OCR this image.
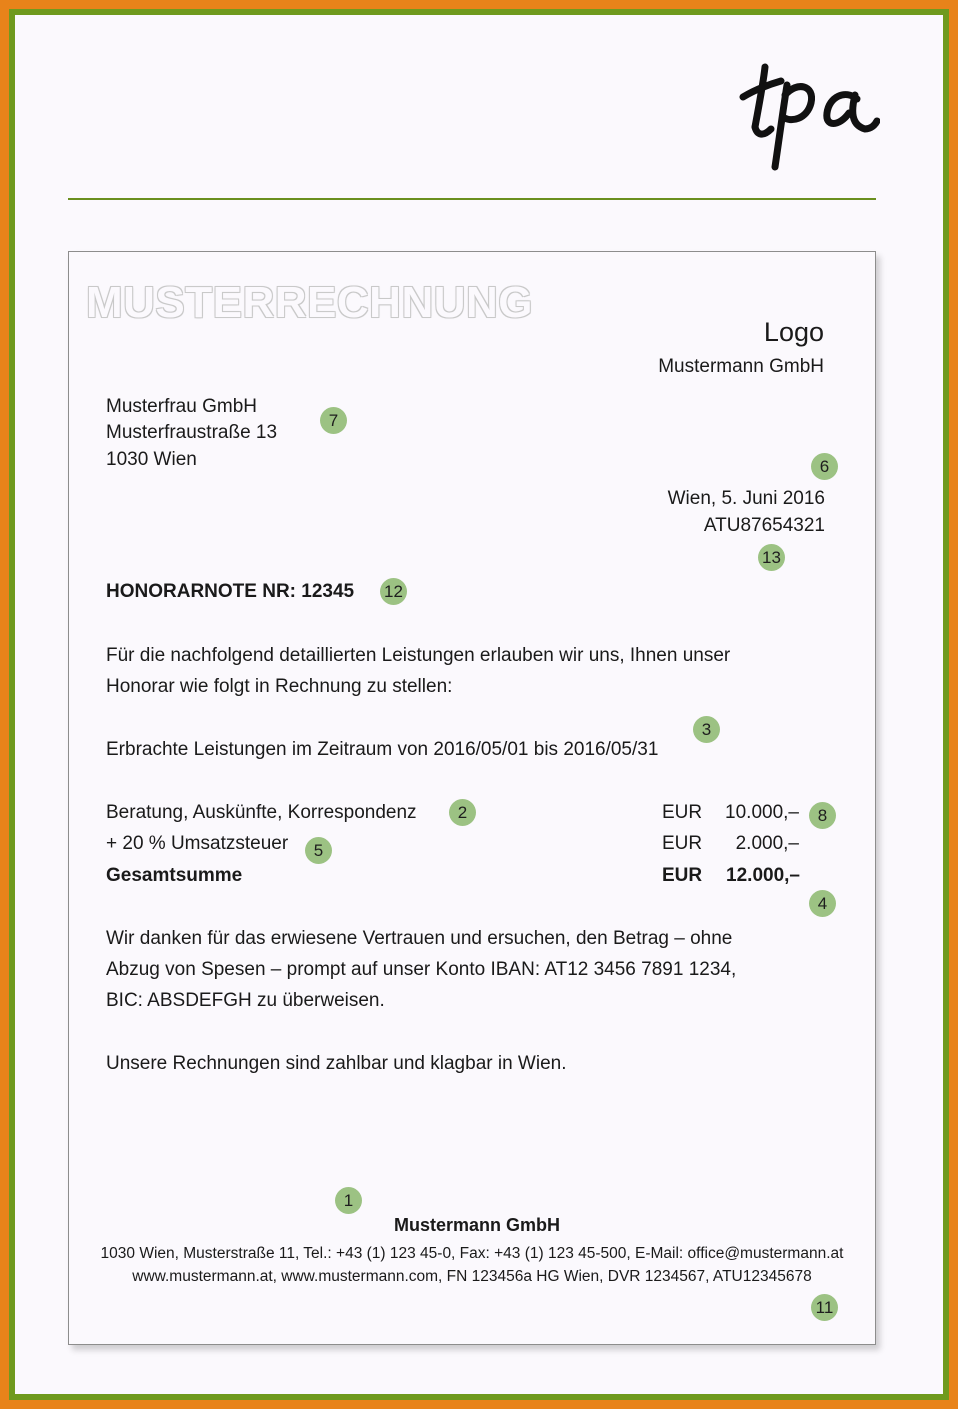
MUSTERRECHNUNG
Logo
Mustermann GmbH
Musterfrau GmbH
Musterfraustraße 13
1030 Wien
Wien, 5. Juni 2016
ATU87654321
HONORARNOTE NR: 12345
Für die nachfolgend detaillierten Leistungen erlauben wir uns, Ihnen unser
Honorar wie folgt in Rechnung zu stellen:
Erbrachte Leistungen im Zeitraum von 2016/05/01 bis 2016/05/31
Beratung, Auskünfte, Korrespondenz	EUR	10.000,–
+ 20 % Umsatzsteuer	EUR	2.000,–
Gesamtsumme	EUR	12.000,–
Wir danken für das erwiesene Vertrauen und ersuchen, den Betrag – ohne
Abzug von Spesen – prompt auf unser Konto IBAN: AT12 3456 7891 1234,
BIC: ABSDEFGH zu überweisen.
Unsere Rechnungen sind zahlbar und klagbar in Wien.
Mustermann GmbH
1030 Wien, Musterstraße 11, Tel.: +43 (1) 123 45-0, Fax: +43 (1) 123 45-500, E-Mail: office@mustermann.at
www.mustermann.at, www.mustermann.com, FN 123456a HG Wien, DVR 1234567, ATU12345678
1
2
3
4
5
6
7
8
11
12
13
